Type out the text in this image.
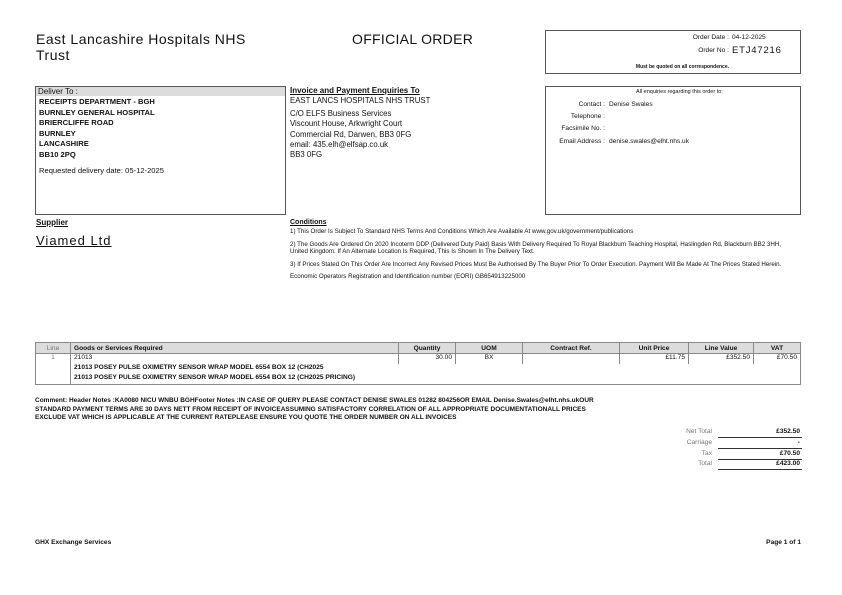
East Lancashire Hospitals NHS
Trust
OFFICIAL ORDER	Order Date : 04-12-2025
Order No : ETJ47216
Must be quoted on all correspondence.
Deliver To :
RECEIPTS DEPARTMENT - BGH
BURNLEY GENERAL HOSPITAL
BRIERCLIFFE ROAD
BURNLEY
LANCASHIRE
BB10 2PQ
Requested delivery date: 05-12-2025
Invoice and Payment Enquiries To
EAST LANCS HOSPITALS NHS TRUST
C/O ELFS Business Services
Viscount House, Arkwright Court
Commercial Rd, Darwen, BB3 0FG
email: 435.elh@elfsap.co.uk
BB3 0FG
All enquiries regarding this order to:
Contact : Denise Swales
Telephone :
Facsimile No. :
Email Address : denise.swales@elht.nhs.uk
Supplier
Viamed Ltd
Conditions

1) This Order Is Subject To Standard NHS Terms And Conditions Which Are Available At www.gov.uk/government/publications

2) The Goods Are Ordered On 2020 Incoterm DDP (Delivered Duty Paid) Basis With Delivery Required To Royal Blackburn Teaching Hospital, Haslingden Rd, Blackburn BB2 3HH, United Kingdom. If An Alternate Location Is Required, This Is Shown In The Delivery Text.

3) If Prices Stated On This Order Are Incorrect Any Revised Prices Must Be Authorised By The Buyer Prior To Order Execution. Payment Will Be Made At The Prices Stated Herein.

Economic Operators Registration and Identification number (EORI) GB654913225000

Line	Goods or Services Required	Quantity	UOM	Contract Ref.	Unit Price	Line Value	VAT
1	21013	30.00	BX		£11.75	£352.50	£70.50
	21013 POSEY PULSE OXIMETRY SENSOR WRAP MODEL 6554 BOX 12 (CH2025						
	21013 POSEY PULSE OXIMETRY SENSOR WRAP MODEL 6554 BOX 12 (CH2025 PRICING)						
Comment: Header Notes :KA0080 NICU WNBU BGHFooter Notes :IN CASE OF QUERY PLEASE CONTACT DENISE SWALES 01282 804256OR EMAIL Denise.Swales@elht.nhs.ukOUR
STANDARD PAYMENT TERMS ARE 30 DAYS NETT FROM RECEIPT OF INVOICEASSUMING SATISFACTORY CORRELATION OF ALL APPROPRIATE DOCUMENTATIONALL PRICES
EXCLUDE VAT WHICH IS APPLICABLE AT THE CURRENT RATEPLEASE ENSURE YOU QUOTE THE ORDER NUMBER ON ALL INVOICES
Net Total	£352.50
Carriage	-
Tax	£70.50
Total	£423.00
GHX Exchange Services	Page 1 of 1
